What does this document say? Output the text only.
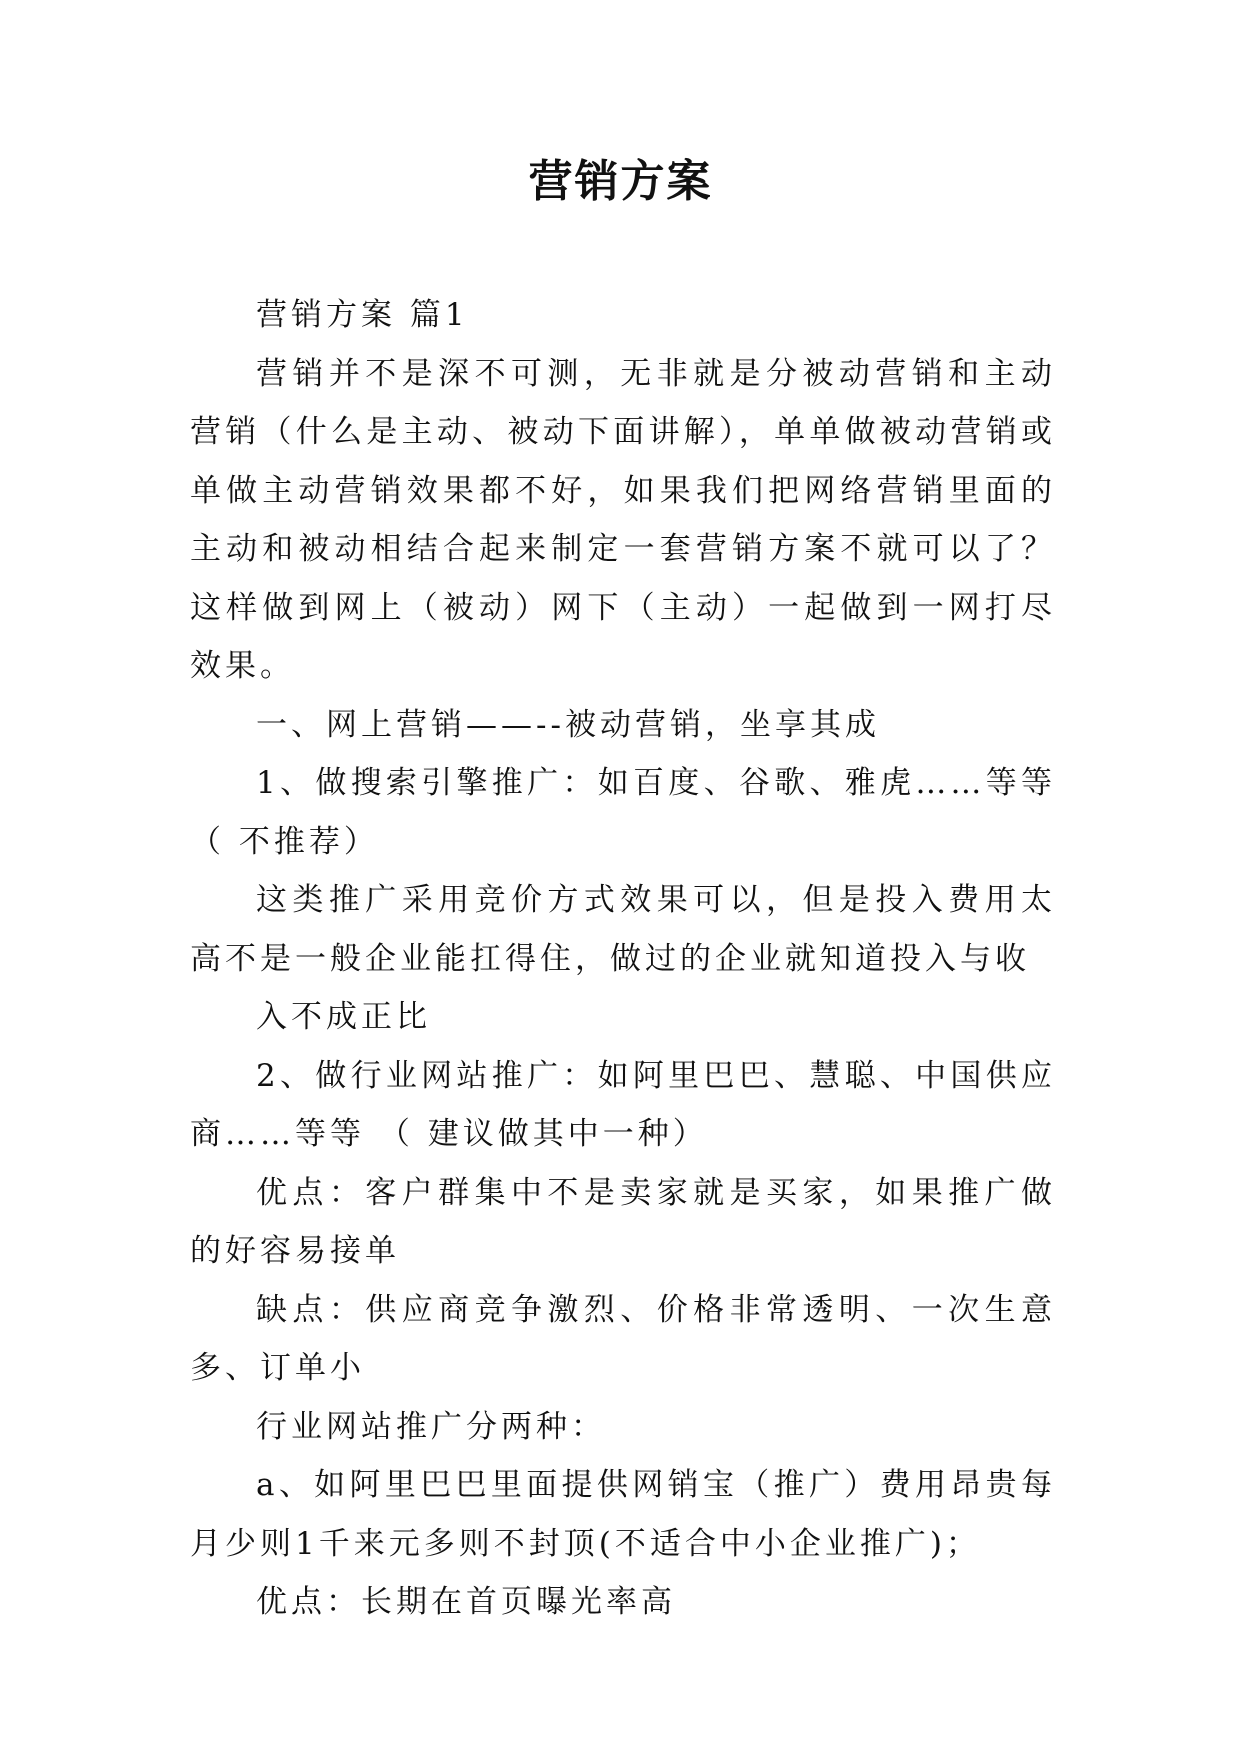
营销方案

营销方案 篇1

营销并不是深不可测，无非就是分被动营销和主动营销（什么是主动、被动下面讲解），单单做被动营销或单做主动营销效果都不好，如果我们把网络营销里面的主动和被动相结合起来制定一套营销方案不就可以了？这样做到网上（被动）网下（主动）一起做到一网打尽效果。

一、网上营销——--被动营销，坐享其成

1、做搜索引擎推广：如百度、谷歌、雅虎……等等（ 不推荐）

这类推广采用竞价方式效果可以，但是投入费用太高不是一般企业能扛得住，做过的企业就知道投入与收

入不成正比

2、做行业网站推广：如阿里巴巴、慧聪、中国供应商……等等 （ 建议做其中一种）

优点：客户群集中不是卖家就是买家，如果推广做的好容易接单

缺点：供应商竞争激烈、价格非常透明、一次生意多、订单小

行业网站推广分两种：

a、如阿里巴巴里面提供网销宝（推广）费用昂贵每月少则1千来元多则不封顶(不适合中小企业推广)；

优点：长期在首页曝光率高
